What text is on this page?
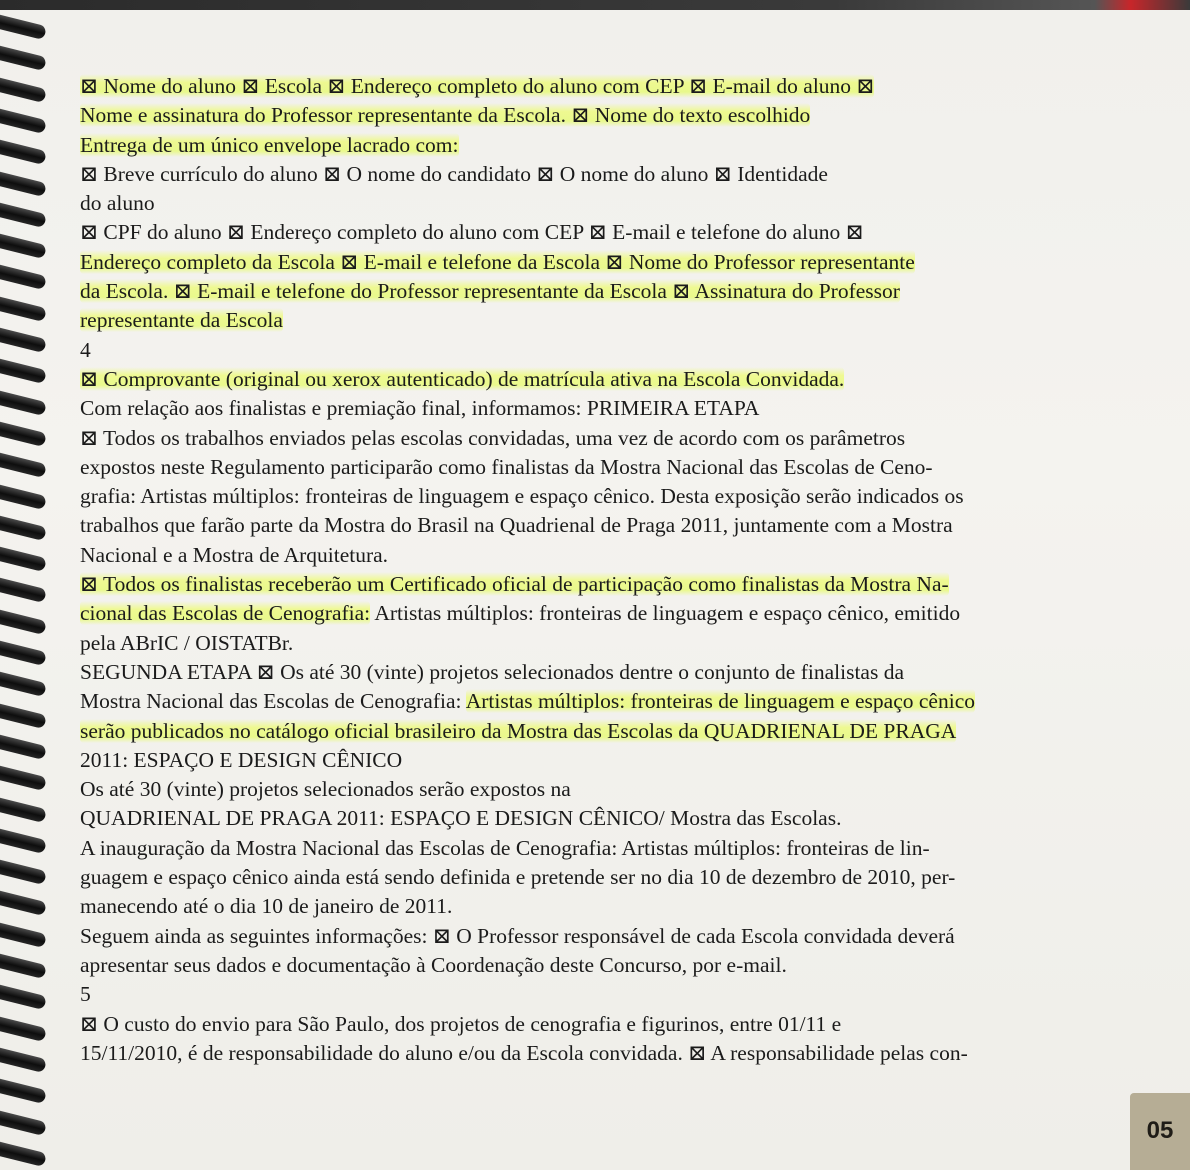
⊠ Nome do aluno ⊠ Escola ⊠ Endereço completo do aluno com CEP ⊠ E-mail do aluno ⊠
Nome e assinatura do Professor representante da Escola. ⊠ Nome do texto escolhido
Entrega de um único envelope lacrado com:
⊠ Breve currículo do aluno ⊠ O nome do candidato ⊠ O nome do aluno ⊠ Identidade
do aluno
⊠ CPF do aluno ⊠ Endereço completo do aluno com CEP ⊠ E-mail e telefone do aluno ⊠
Endereço completo da Escola ⊠ E-mail e telefone da Escola ⊠ Nome do Professor representante
da Escola. ⊠ E-mail e telefone do Professor representante da Escola ⊠ Assinatura do Professor
representante da Escola
4
⊠ Comprovante (original ou xerox autenticado) de matrícula ativa na Escola Convidada.
Com relação aos finalistas e premiação final, informamos: PRIMEIRA ETAPA
⊠ Todos os trabalhos enviados pelas escolas convidadas, uma vez de acordo com os parâmetros
expostos neste Regulamento participarão como finalistas da Mostra Nacional das Escolas de Ceno-
grafia: Artistas múltiplos: fronteiras de linguagem e espaço cênico. Desta exposição serão indicados os
trabalhos que farão parte da Mostra do Brasil na Quadrienal de Praga 2011, juntamente com a Mostra
Nacional e a Mostra de Arquitetura.
⊠ Todos os finalistas receberão um Certificado oficial de participação como finalistas da Mostra Na-
cional das Escolas de Cenografia: Artistas múltiplos: fronteiras de linguagem e espaço cênico, emitido
pela ABrIC / OISTATBr.
SEGUNDA ETAPA ⊠ Os até 30 (vinte) projetos selecionados dentre o conjunto de finalistas da
Mostra Nacional das Escolas de Cenografia: Artistas múltiplos: fronteiras de linguagem e espaço cênico
serão publicados no catálogo oficial brasileiro da Mostra das Escolas da QUADRIENAL DE PRAGA
2011: ESPAÇO E DESIGN CÊNICO
Os até 30 (vinte) projetos selecionados serão expostos na
QUADRIENAL DE PRAGA 2011: ESPAÇO E DESIGN CÊNICO/ Mostra das Escolas.
A inauguração da Mostra Nacional das Escolas de Cenografia: Artistas múltiplos: fronteiras de lin-
guagem e espaço cênico ainda está sendo definida e pretende ser no dia 10 de dezembro de 2010, per-
manecendo até o dia 10 de janeiro de 2011.
Seguem ainda as seguintes informações: ⊠ O Professor responsável de cada Escola convidada deverá
apresentar seus dados e documentação à Coordenação deste Concurso, por e-mail.
5
⊠ O custo do envio para São Paulo, dos projetos de cenografia e figurinos, entre 01/11 e
15/11/2010, é de responsabilidade do aluno e/ou da Escola convidada. ⊠ A responsabilidade pelas con-
05
